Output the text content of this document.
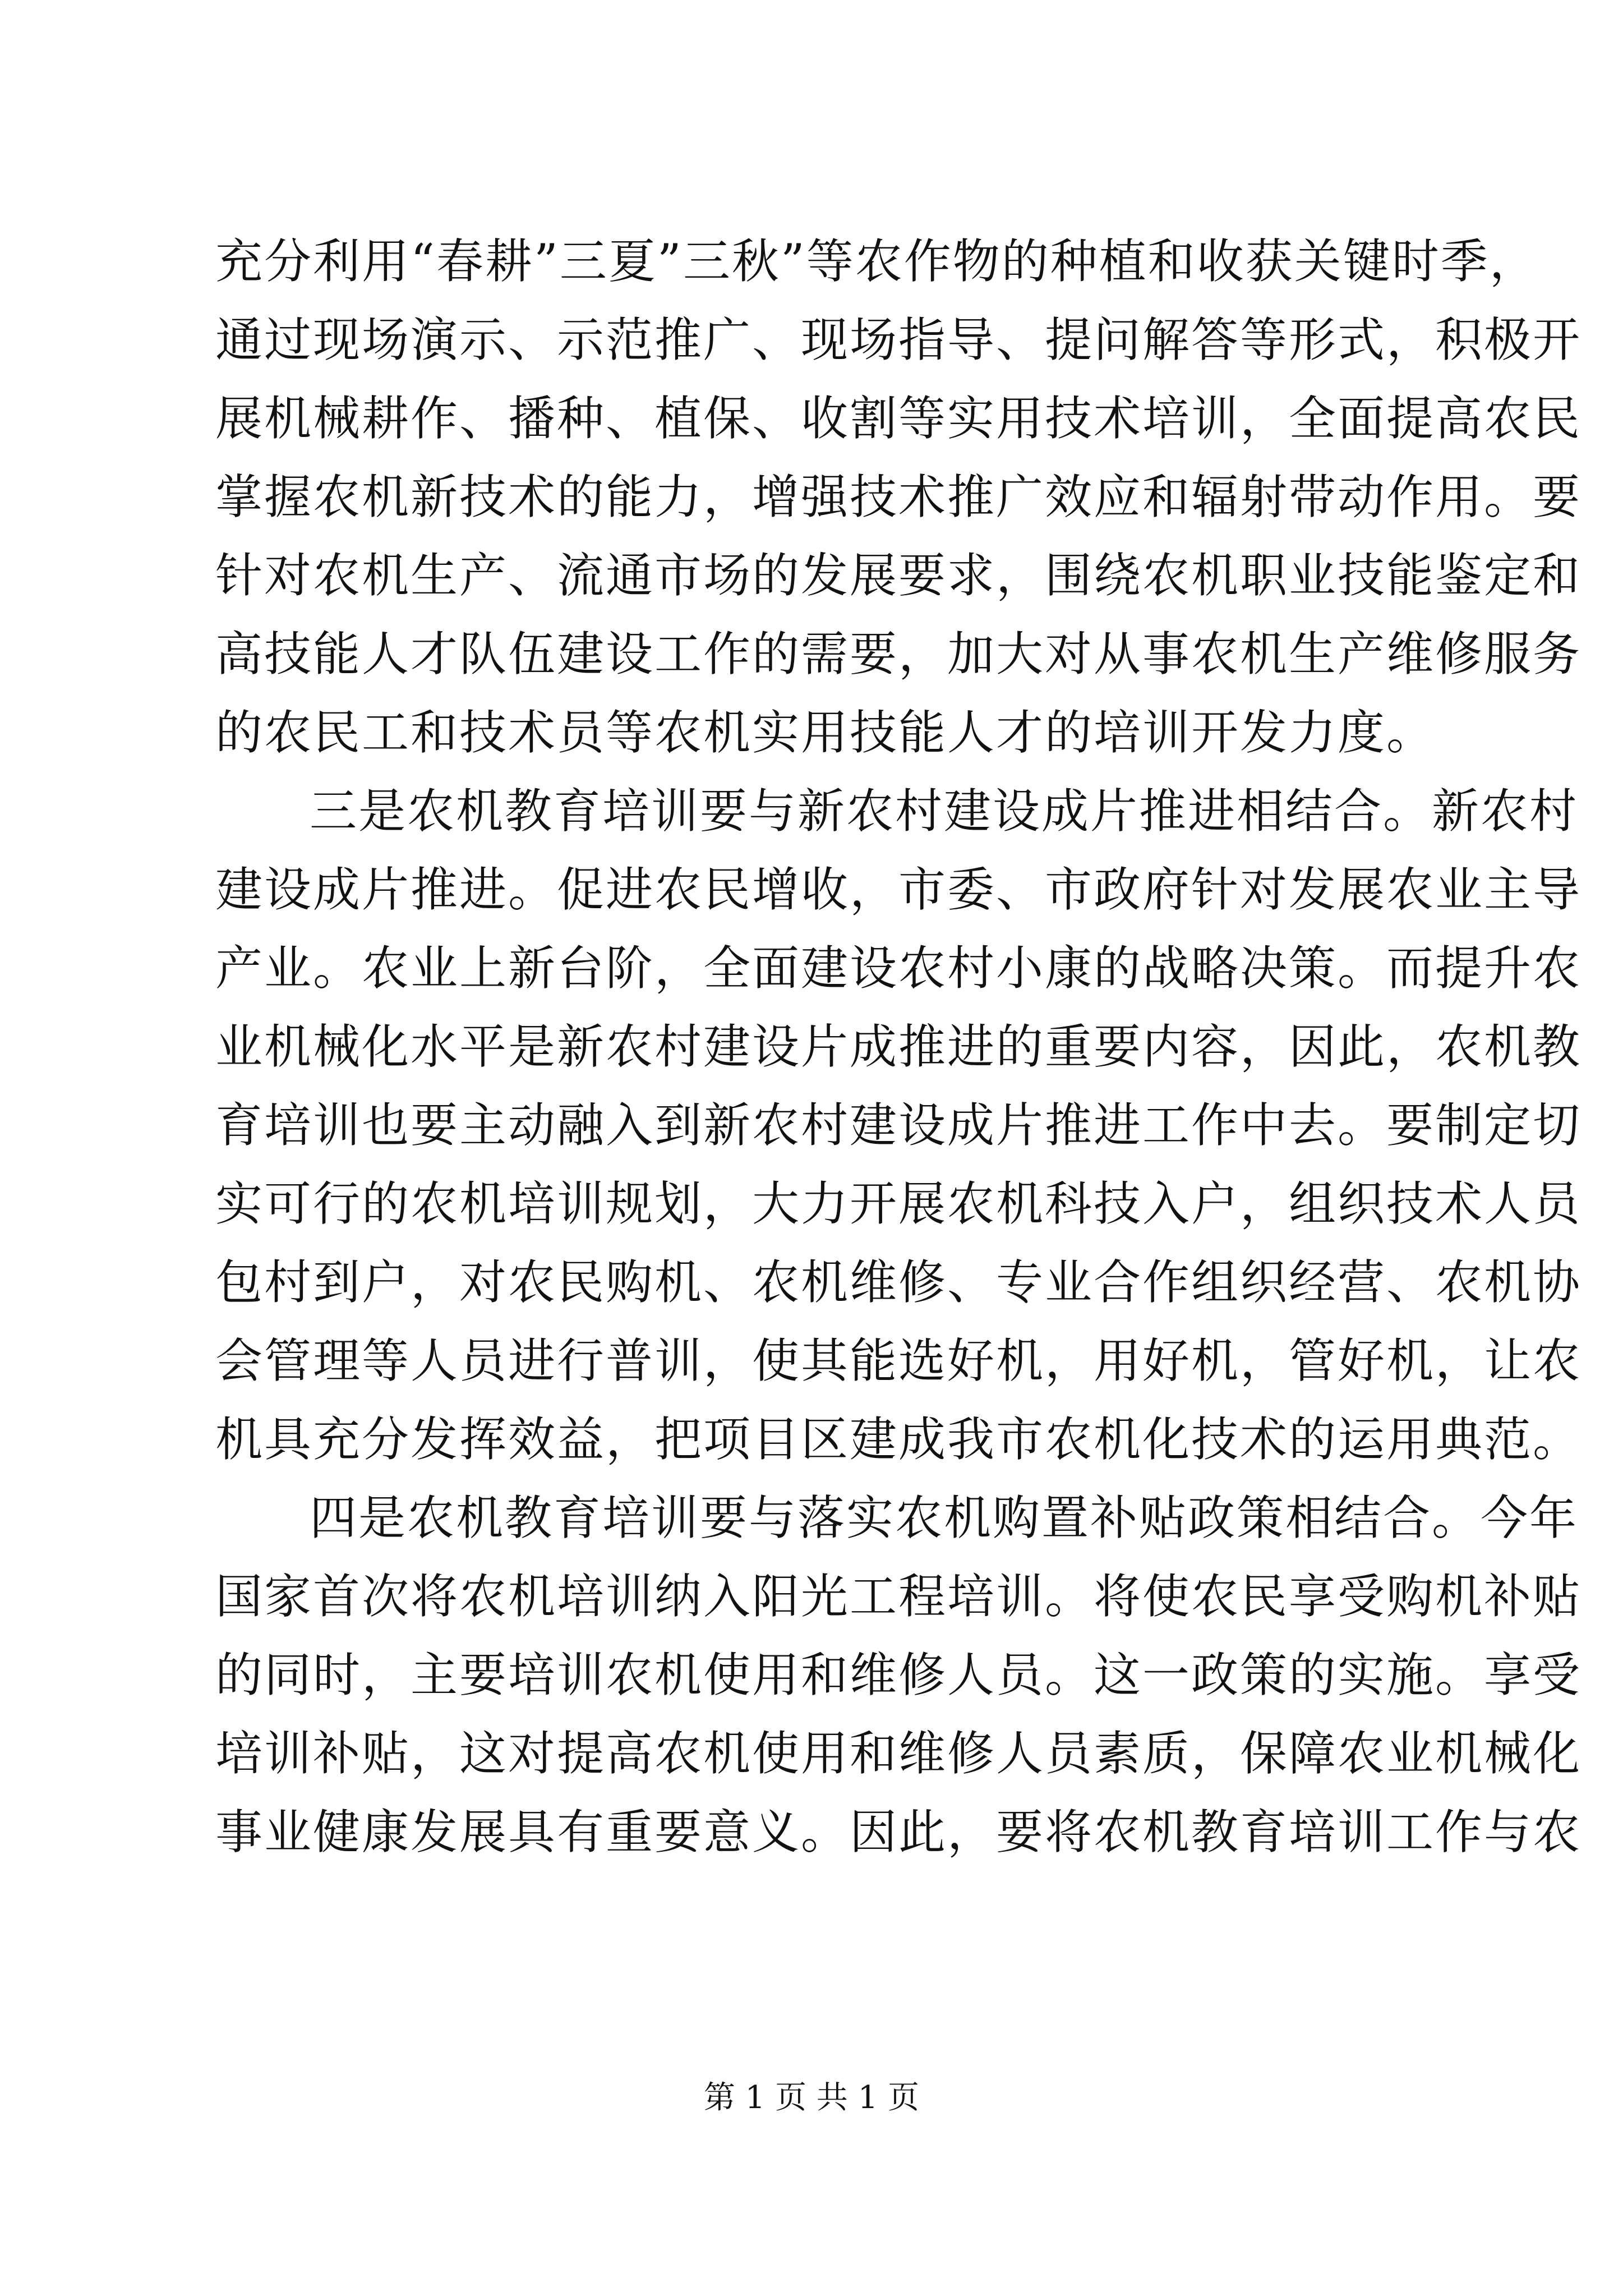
充分利用“春耕”三夏”三秋”等农作物的种植和收获关键时季，
通过现场演示、示范推广、现场指导、提问解答等形式，积极开
展机械耕作、播种、植保、收割等实用技术培训，全面提高农民
掌握农机新技术的能力，增强技术推广效应和辐射带动作用。要
针对农机生产、流通市场的发展要求，围绕农机职业技能鉴定和
高技能人才队伍建设工作的需要，加大对从事农机生产维修服务
的农民工和技术员等农机实用技能人才的培训开发力度。
三是农机教育培训要与新农村建设成片推进相结合。新农村
建设成片推进。促进农民增收，市委、市政府针对发展农业主导
产业。农业上新台阶，全面建设农村小康的战略决策。而提升农
业机械化水平是新农村建设片成推进的重要内容，因此，农机教
育培训也要主动融入到新农村建设成片推进工作中去。要制定切
实可行的农机培训规划，大力开展农机科技入户，组织技术人员
包村到户，对农民购机、农机维修、专业合作组织经营、农机协
会管理等人员进行普训，使其能选好机，用好机，管好机，让农
机具充分发挥效益，把项目区建成我市农机化技术的运用典范。
四是农机教育培训要与落实农机购置补贴政策相结合。今年
国家首次将农机培训纳入阳光工程培训。将使农民享受购机补贴
的同时，主要培训农机使用和维修人员。这一政策的实施。享受
培训补贴，这对提高农机使用和维修人员素质，保障农业机械化
事业健康发展具有重要意义。因此，要将农机教育培训工作与农
第 1 页 共 1 页
